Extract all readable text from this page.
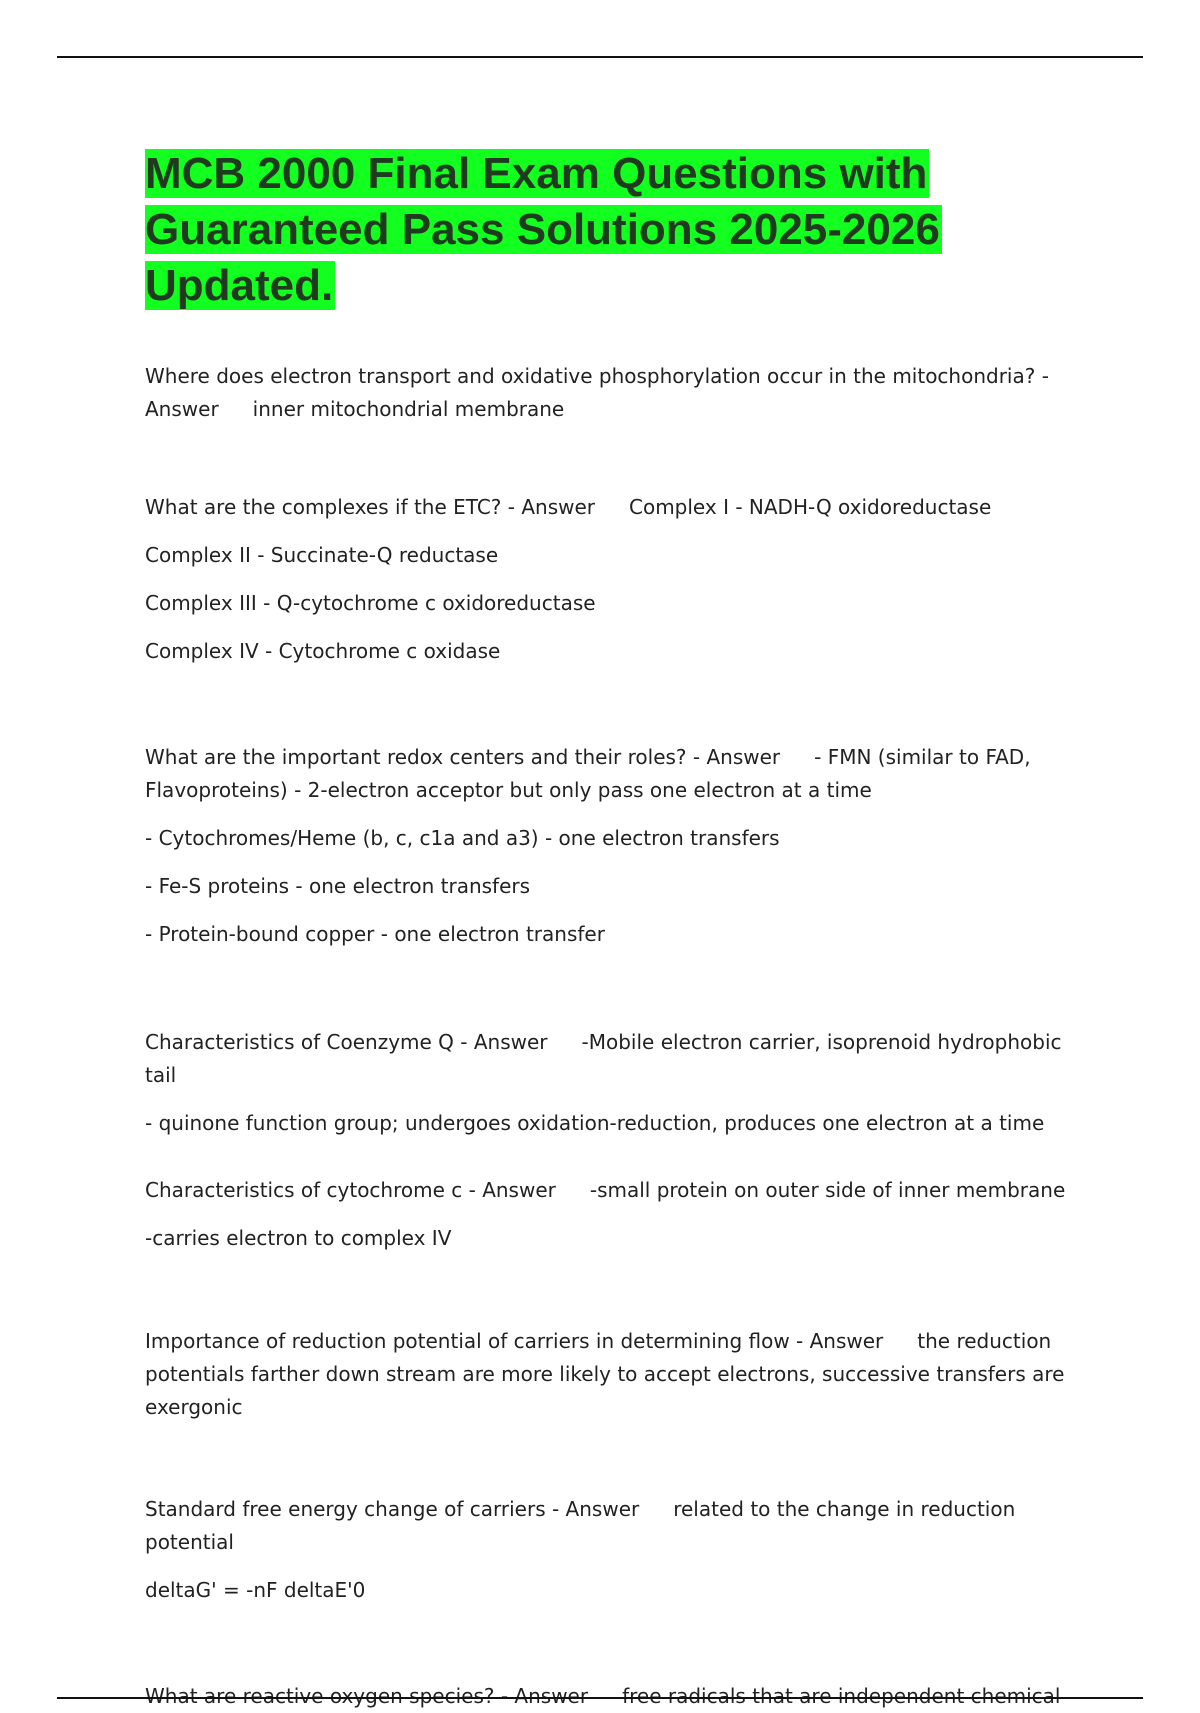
MCB 2000 Final Exam Questions with Guaranteed Pass Solutions 2025-2026 Updated.

Where does electron transport and oxidative phosphorylation occur in the mitochondria? - Answer inner mitochondrial membrane

What are the complexes if the ETC? - Answer Complex I - NADH-Q oxidoreductase

Complex II - Succinate-Q reductase

Complex III - Q-cytochrome c oxidoreductase

Complex IV - Cytochrome c oxidase

What are the important redox centers and their roles? - Answer - FMN (similar to FAD, Flavoproteins) - 2-electron acceptor but only pass one electron at a time

- Cytochromes/Heme (b, c, c1a and a3) - one electron transfers

- Fe-S proteins - one electron transfers

- Protein-bound copper - one electron transfer

Characteristics of Coenzyme Q - Answer -Mobile electron carrier, isoprenoid hydrophobic tail

- quinone function group; undergoes oxidation-reduction, produces one electron at a time

Characteristics of cytochrome c - Answer -small protein on outer side of inner membrane

-carries electron to complex IV

Importance of reduction potential of carriers in determining flow - Answer the reduction potentials farther down stream are more likely to accept electrons, successive transfers are exergonic

Standard free energy change of carriers - Answer related to the change in reduction potential

deltaG' = -nF deltaE'0

What are reactive oxygen species? - Answer free radicals that are independent chemical
